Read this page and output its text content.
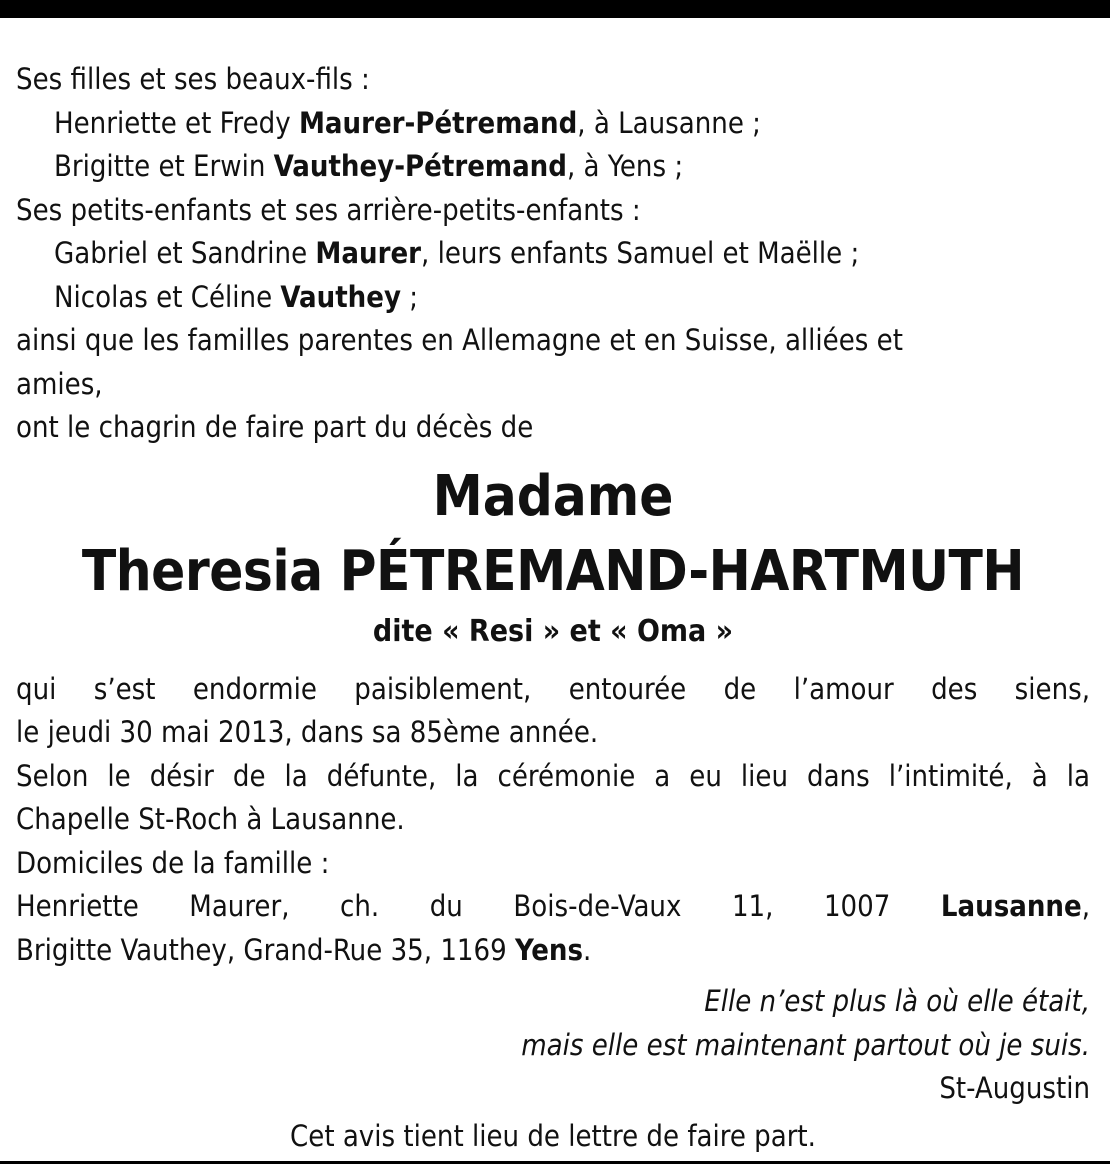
Ses filles et ses beaux-fils :
Henriette et Fredy Maurer-Pétremand, à Lausanne ;
Brigitte et Erwin Vauthey-Pétremand, à Yens ;
Ses petits-enfants et ses arrière-petits-enfants :
Gabriel et Sandrine Maurer, leurs enfants Samuel et Maëlle ;
Nicolas et Céline Vauthey ;
ainsi que les familles parentes en Allemagne et en Suisse, alliées et
amies,
ont le chagrin de faire part du décès de
Madame
Theresia PÉTREMAND-HARTMUTH
dite « Resi » et « Oma »
qui s’est endormie paisiblement, entourée de l’amour des siens,
le jeudi 30 mai 2013, dans sa 85ème année.
Selon le désir de la défunte, la cérémonie a eu lieu dans l’intimité, à la
Chapelle St-Roch à Lausanne.
Domiciles de la famille :
Henriette Maurer, ch. du Bois-de-Vaux 11, 1007 Lausanne,
Brigitte Vauthey, Grand-Rue 35, 1169 Yens.
Elle n’est plus là où elle était,
mais elle est maintenant partout où je suis.
St-Augustin
Cet avis tient lieu de lettre de faire part.
